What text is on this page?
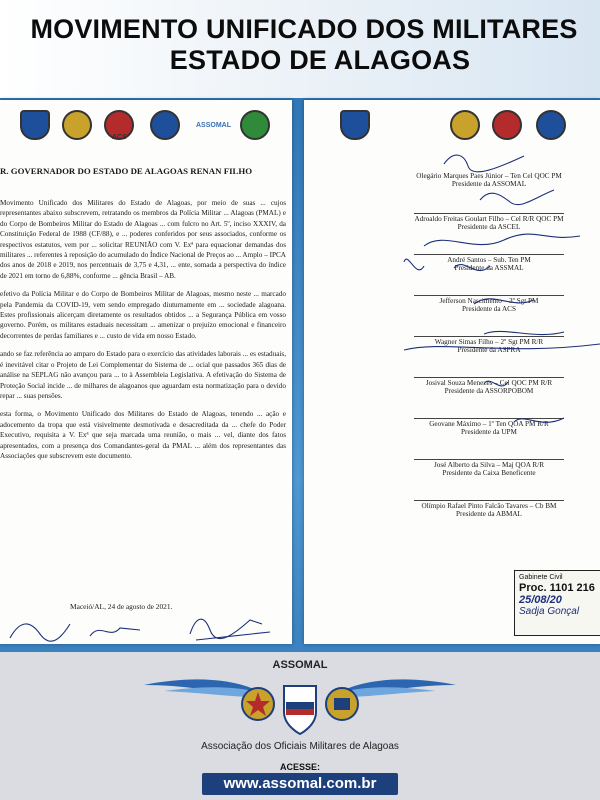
MOVIMENTO UNIFICADO DOS MILITARES
ESTADO DE ALAGOAS
ACS
ASSOMAL
R. GOVERNADOR DO ESTADO DE ALAGOAS RENAN FILHO

Movimento Unificado dos Militares do Estado de Alagoas, por meio de suas ... cujos representantes abaixo subscrevem, retratando os membros da Polícia Militar ... Alagoas (PMAL) e do Corpo de Bombeiros Militar do Estado de Alagoas ... com fulcro no Art. 5º, inciso XXXIV, da Constituição Federal de 1988 (CF/88), e ... poderes conferidos por seus associados, conforme os respectivos estatutos, vem por ... solicitar REUNIÃO com V. Exª para equacionar demandas dos militares ... referentes à reposição do acumulado do Índice Nacional de Preços ao ... Amplo – IPCA dos anos de 2018 e 2019, nos percentuais de 3,75 e 4,31, ... ente, somada a perspectiva do índice de 2021 em torno de 6,88%, conforme ... gência Brasil – AB.

efetivo da Polícia Militar e do Corpo de Bombeiros Militar de Alagoas, mesmo neste ... marcado pela Pandemia da COVID-19, vem sendo empregado diuturnamente em ... sociedade alagoana. Estes profissionais alicerçam diretamente os resultados obtidos ... a Segurança Pública em vosso governo. Porém, os militares estaduais necessitam ... amenizar o prejuízo emocional e financeiro decorrentes de perdas familiares e ... custo de vida em nosso Estado.

ando se faz referência ao amparo do Estado para o exercício das atividades laborais ... es estaduais, é inevitável citar o Projeto de Lei Complementar do Sistema de ... ocial que passados 365 dias de análise na SEPLAG não avançou para ... to à Assembleia Legislativa. A efetivação do Sistema de Proteção Social incide ... de milhares de alagoanos que aguardam esta normatização para o devido repar ... suas pensões.

esta forma, o Movimento Unificado dos Militares do Estado de Alagoas, tenendo ... ação e adocemento da tropa que está visivelmente desmotivada e desacreditada da ... chefe do Poder Executivo, requisita a V. Exª que seja marcada uma reunião, o mais ... vel, diante dos fatos apresentados, com a presença dos Comandantes-geral da PMAL ... além dos representantes das Associações que subscrevem este documento.

Maceió/AL, 24 de agosto de 2021.
Olegário Marques Paes Júnior – Ten Cel QOC PM
Presidente da ASSOMAL
Adroaldo Freitas Goulart Filho – Cel R/R QOC PM
Presidente da ASCEL
André Santos – Sub. Ten PM
Presidente da ASSMAL
Jefferson Nascimento – 3º Sgt PM
Presidente da ACS
Wagner Simas Filho – 2º Sgt PM R/R
Presidente da ASPRA
Josival Souza Menezes – Cel QOC PM R/R
Presidente da ASSORPOBOM
Geovane Máximo – 1º Ten QOA PM R/R
Presidente da UPM
José Alberto da Silva – Maj QOA R/R
Presidente da Caixa Beneficente
Olímpio Rafael Pinto Falcão Tavares – Cb BM
Presidente da ABMAL
Gabinete Civil
Proc. 1101 216
25/08/20
Sadja Gonçal
ASSOMAL
Associação dos Oficiais Militares de Alagoas
ACESSE:
www.assomal.com.br
